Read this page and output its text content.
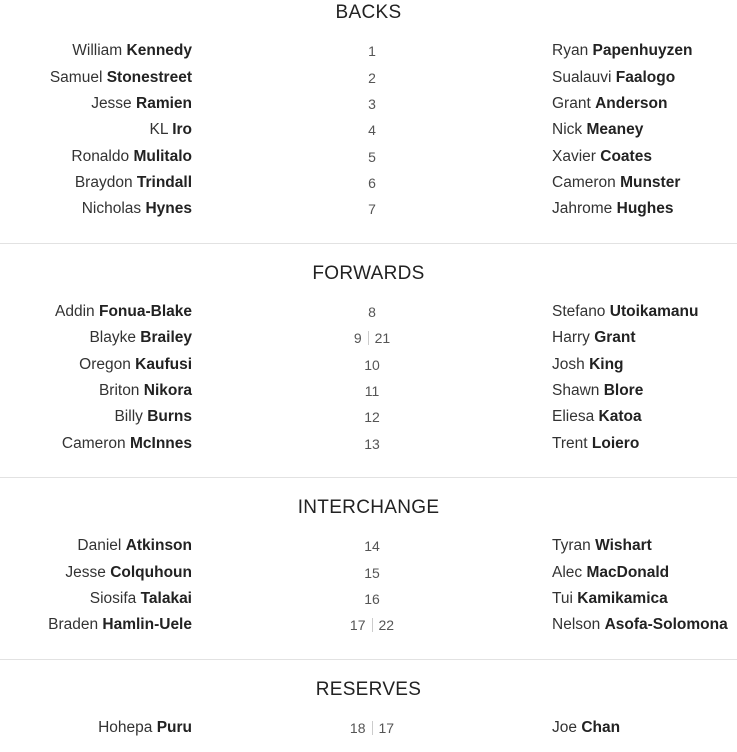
BACKS
William Kennedy	1	Ryan Papenhuyzen
Samuel Stonestreet	2	Sualauvi Faalogo
Jesse Ramien	3	Grant Anderson
KL Iro	4	Nick Meaney
Ronaldo Mulitalo	5	Xavier Coates
Braydon Trindall	6	Cameron Munster
Nicholas Hynes	7	Jahrome Hughes
FORWARDS
Addin Fonua-Blake	8	Stefano Utoikamanu
Blayke Brailey	9 21	Harry Grant
Oregon Kaufusi	10	Josh King
Briton Nikora	11	Shawn Blore
Billy Burns	12	Eliesa Katoa
Cameron McInnes	13	Trent Loiero
INTERCHANGE
Daniel Atkinson	14	Tyran Wishart
Jesse Colquhoun	15	Alec MacDonald
Siosifa Talakai	16	Tui Kamikamica
Braden Hamlin-Uele	17 22	Nelson Asofa-Solomona
RESERVES
Hohepa Puru	18 17	Joe Chan
